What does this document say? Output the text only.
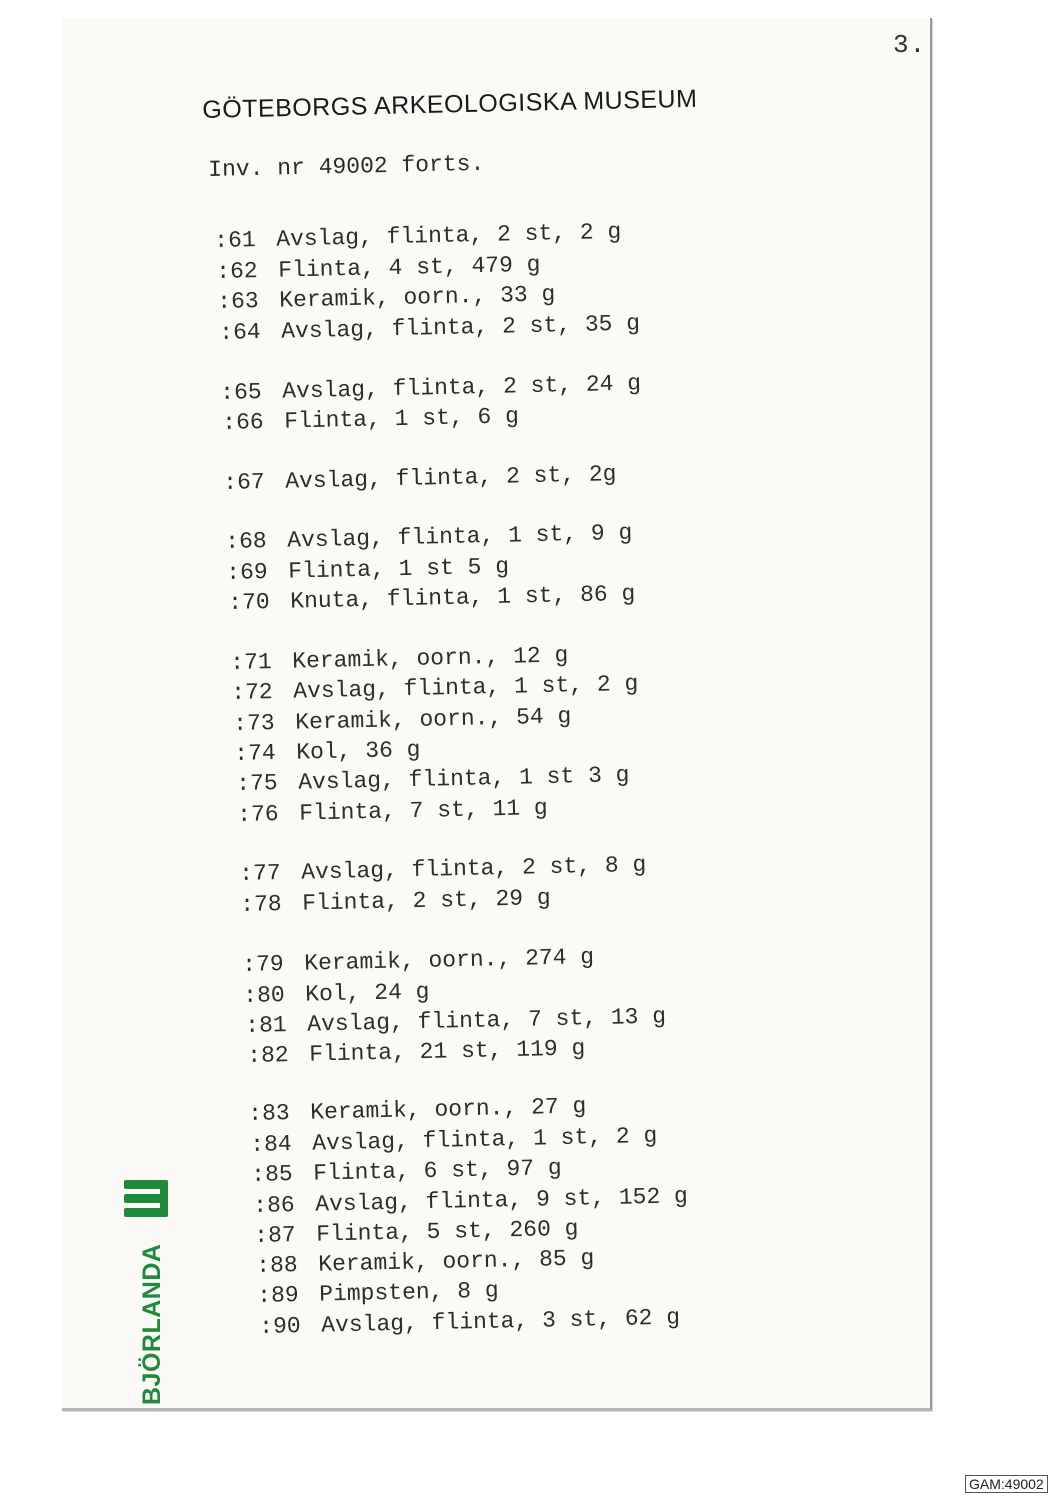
3.
GÖTEBORGS ARKEOLOGISKA MUSEUM
Inv. nr 49002 forts.
:61 Avslag, flinta, 2 st, 2 g
:62 Flinta, 4 st, 479 g
:63 Keramik, oorn., 33 g
:64 Avslag, flinta, 2 st, 35 g
:65 Avslag, flinta, 2 st, 24 g
:66 Flinta, 1 st, 6 g
:67 Avslag, flinta, 2 st, 2g
:68 Avslag, flinta, 1 st, 9 g
:69 Flinta, 1 st 5 g
:70 Knuta, flinta, 1 st, 86 g
:71 Keramik, oorn., 12 g
:72 Avslag, flinta, 1 st, 2 g
:73 Keramik, oorn., 54 g
:74 Kol, 36 g
:75 Avslag, flinta, 1 st 3 g
:76 Flinta, 7 st, 11 g
:77 Avslag, flinta, 2 st, 8 g
:78 Flinta, 2 st, 29 g
:79 Keramik, oorn., 274 g
:80 Kol, 24 g
:81 Avslag, flinta, 7 st, 13 g
:82 Flinta, 21 st, 119 g
:83 Keramik, oorn., 27 g
:84 Avslag, flinta, 1 st, 2 g
:85 Flinta, 6 st, 97 g
:86 Avslag, flinta, 9 st, 152 g
:87 Flinta, 5 st, 260 g
:88 Keramik, oorn., 85 g
:89 Pimpsten, 8 g
:90 Avslag, flinta, 3 st, 62 g
BJÖRLANDA
GAM:49002
